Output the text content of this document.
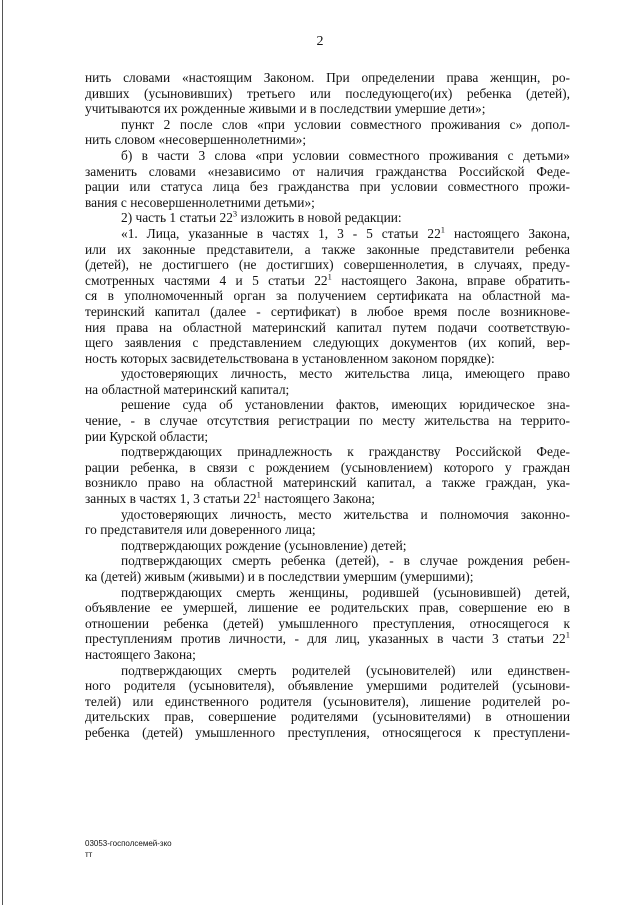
2
нить словами «настоящим Законом. При определении права женщин, ро-
дивших (усыновивших) третьего или последующего(их) ребенка (детей),
учитываются их рожденные живыми и в последствии умершие дети»;
пункт 2 после слов «при условии совместного проживания с» допол-
нить словом «несовершеннолетними»;
б) в части 3 слова «при условии совместного проживания с детьми»
заменить словами «независимо от наличия гражданства Российской Федe-
рации или статуса лица без гражданства при условии совместного прожи-
вания с несовершеннолетними детьми»;
2) часть 1 статьи $22^3$ изложить в новой редакции:
«1. Лица, указанные в частях 1, 3 - 5 статьи $22^1$ настоящего Закона,
или их законные представители, а также законные представители ребенка
(детей), не достигшего (не достигших) совершеннолетия, в случаях, преду-
смотренных частями 4 и 5 статьи $22^1$ настоящего Закона, вправе обратить-
ся в уполномоченный орган за получением сертификата на областной ма-
теринский капитал (далее - сертификат) в любое время после возникнове-
ния права на областной материнский капитал путем подачи соответствую-
щего заявления с представлением следующих документов (их копий, вер-
ность которых засвидетельствована в установленном законом порядке):
удостоверяющих личность, место жительства лица, имеющего право
на областной материнский капитал;
решение суда об установлении фактов, имеющих юридическое зна-
чение, - в случае отсутствия регистрации по месту жительства на террито-
рии Курской области;
подтверждающих принадлежность к гражданству Российской Феде-
рации ребенка, в связи с рождением (усыновлением) которого у граждан
возникло право на областной материнский капитал, а также граждан, ука-
занных в частях 1, 3 статьи $22^1$ настоящего Закона;
удостоверяющих личность, место жительства и полномочия законно-
го представителя или доверенного лица;
подтверждающих рождение (усыновление) детей;
подтверждающих смерть ребенка (детей), - в случае рождения ребен-
ка (детей) живым (живыми) и в последствии умершим (умершими);
подтверждающих смерть женщины, родившей (усыновившей) детей,
объявление ее умершей, лишение ее родительских прав, совершение ею в
отношении ребенка (детей) умышленного преступления, относящегося к
преступлениям против личности, - для лиц, указанных в части 3 статьи $22^1$
настоящего Закона;
подтверждающих смерть родителей (усыновителей) или единствен-
ного родителя (усыновителя), объявление умершими родителей (усынови-
телей) или единственного родителя (усыновителя), лишение родителей ро-
дительских прав, совершение родителями (усыновителями) в отношении
ребенка (детей) умышленного преступления, относящегося к преступлени-
03053-госполсемей-зко
тт
